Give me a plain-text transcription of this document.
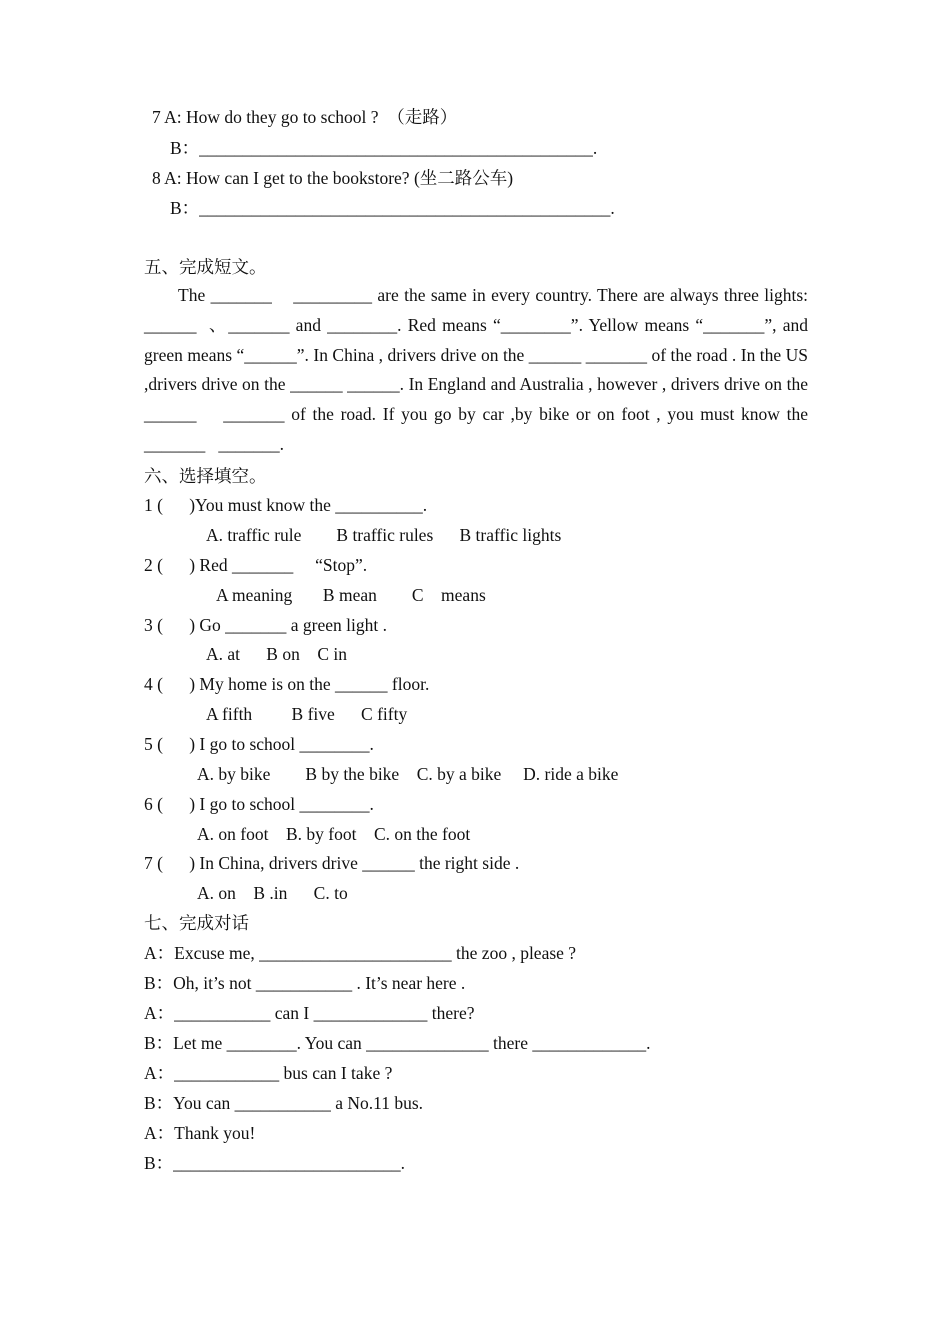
7 A: How do they go to school ?  （走路）
B：_____________________________________________.
8 A: How can I get to the bookstore? (坐二路公车)
B：_______________________________________________.
五、完成短文。
The _______    _________ are the same in every country. There are always three lights: ______  、_______ and ________. Red means “________”. Yellow means “_______”, and green means “______”. In China , drivers drive on the ______ _______ of the road . In the US ,drivers drive on the ______ ______. In England and Australia , however , drivers drive on the ______    _______ of the road. If you go by car ,by bike or on foot , you must know the _______   _______.
六、选择填空。
1 (      )You must know the __________.
A. traffic rule        B traffic rules      B traffic lights
2 (      ) Red _______     “Stop”.
A meaning       B mean        C    means
3 (      ) Go _______ a green light .
A. at      B on    C in
4 (      ) My home is on the ______ floor.
A fifth         B five      C fifty
5 (      ) I go to school ________.
A. by bike        B by the bike    C. by a bike     D. ride a bike
6 (      ) I go to school ________.
A. on foot    B. by foot    C. on the foot
7 (      ) In China, drivers drive ______ the right side .
A. on    B .in      C. to
七、完成对话
A：Excuse me, ______________________ the zoo , please ?
B：Oh, it’s not ___________ . It’s near here .
A：___________ can I _____________ there?
B：Let me ________. You can ______________ there _____________.
A：____________ bus can I take ?
B：You can ___________ a No.11 bus.
A：Thank you!
B：__________________________.
